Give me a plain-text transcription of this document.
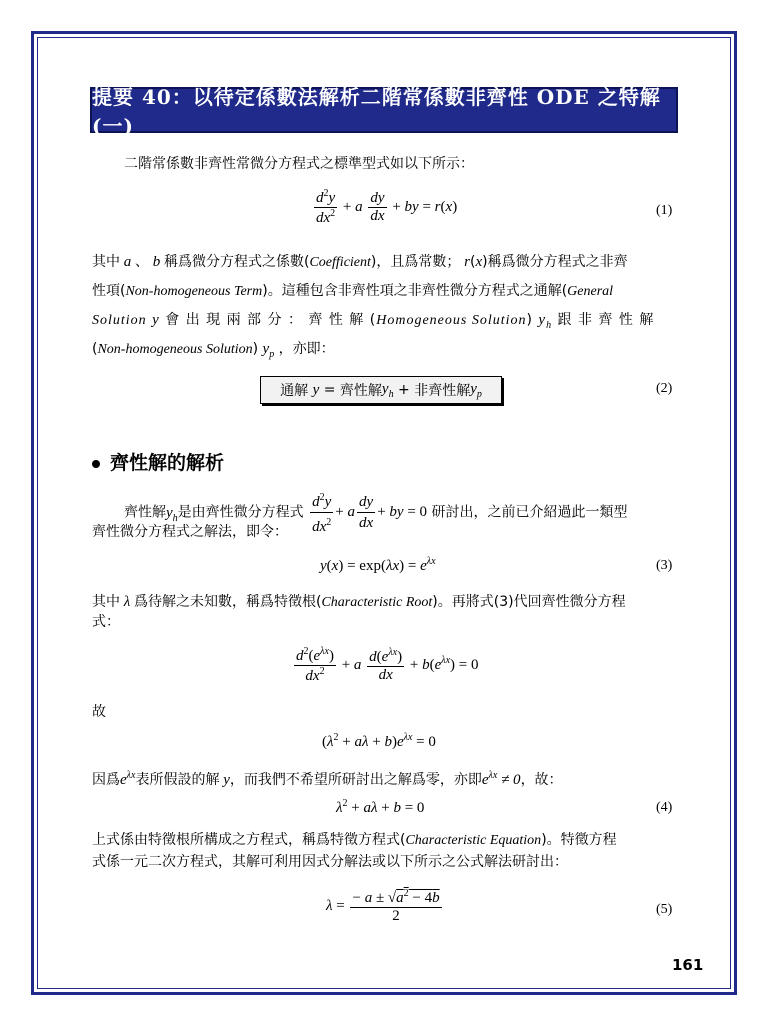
提要 40：以待定係數法解析二階常係數非齊性 ODE 之特解(一)
二階常係數非齊性常微分方程式之標準型式如以下所示：
$\frac{d^2y}{dx^2} + a \frac{dy}{dx}$ + by = r(x)	(1)
其中 a 、 b 稱爲微分方程式之係數(Coefficient)，且爲常數； r(x)稱爲微分方程式之非齊
性項(Non-homogeneous Term)。這種包含非齊性項之非齊性微分方程式之通解(General
Solution y 會 出 現 兩 部 分 ： 齊 性 解 (Homogeneous Solution) $y_h$ 跟 非 齊 性 解
(Non-homogeneous Solution) $y_p$ ，亦即：
通解
y
=
齊性解 $y_h$
+
非齊性解 $y_p$	(2)
齊性解的解析
齊性解$y_h$是由齊性微分方程式 $\frac{d^2y}{dx^2} + a \frac{dy}{dx}$ + by = 0 研討出，之前已介紹過此一類型
齊性微分方程式之解法，即令：
$y(x) = \exp(\lambda x) = e^{\lambda x}$	(3)
其中 λ 爲待解之未知數，稱爲特徵根(Characteristic Root)。再將式(3)代回齊性微分方程
式：
$\frac{d^2(e^{\lambda x})}{dx^2} + a \frac{d(e^{\lambda x})}{dx} + b(e^{\lambda x}) = 0$
故
$(\lambda^2 + a\lambda + b)e^{\lambda x} = 0$
因爲$e^{\lambda x}$表所假設的解 y，而我們不希望所研討出之解爲零，亦即$e^{\lambda x} \ne 0$，故：
$\lambda^2 + a\lambda + b = 0$	(4)
上式係由特徵根所構成之方程式，稱爲特徵方程式(Characteristic Equation)。特徵方程
式係一元二次方程式，其解可利用因式分解法或以下所示之公式解法研討出：
$\lambda = \frac{- a \pm √a^2 - 4b}{2}$	(5)
161
